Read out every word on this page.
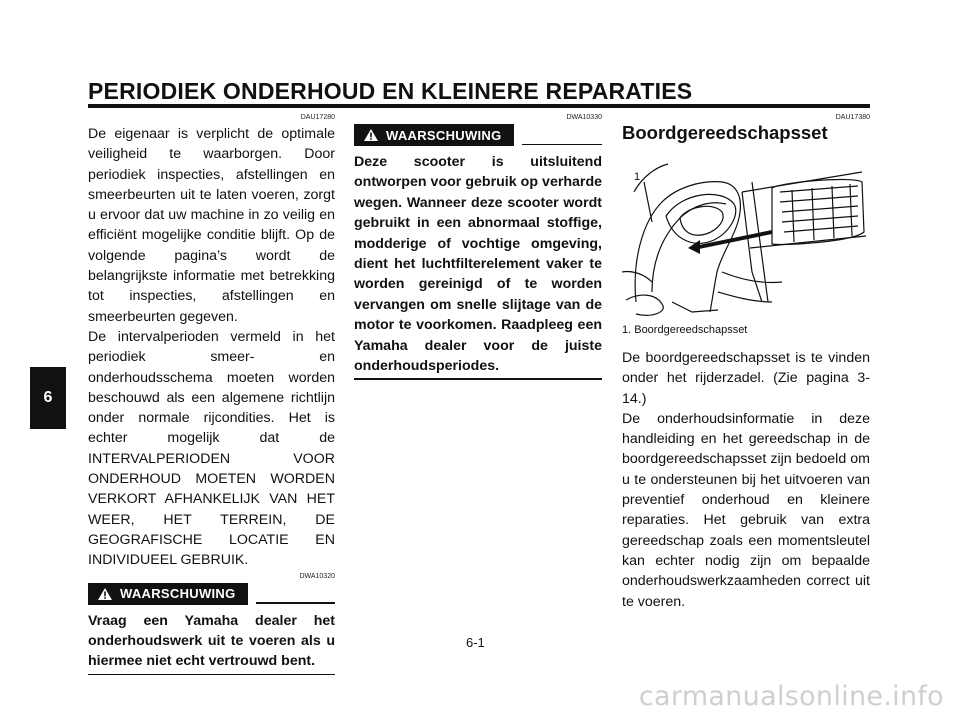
PERIODIEK ONDERHOUD EN KLEINERE REPARATIES
6
DAU17280

De eigenaar is verplicht de optimale veiligheid te waarborgen. Door periodiek inspecties, afstellingen en smeerbeurten uit te laten voeren, zorgt u ervoor dat uw machine in zo veilig en efficiënt mogelijke conditie blijft. Op de volgende pagina’s wordt de belangrijkste informatie met betrekking tot inspecties, afstellingen en smeerbeurten gegeven.

De intervalperioden vermeld in het periodiek smeer- en onderhoudsschema moeten worden beschouwd als een algemene richtlijn onder normale rijcondities. Het is echter mogelijk dat de INTERVALPERIODEN VOOR ONDERHOUD MOETEN WORDEN VERKORT AFHANKELIJK VAN HET WEER, HET TERREIN, DE GEOGRAFISCHE LOCATIE EN INDIVIDUEEL GEBRUIK.

DWA10320
WAARSCHUWING

Vraag een Yamaha dealer het onderhoudswerk uit te voeren als u hiermee niet echt vertrouwd bent.

DWA10330
WAARSCHUWING

Deze scooter is uitsluitend ontworpen voor gebruik op verharde wegen. Wanneer deze scooter wordt gebruikt in een abnormaal stoffige, modderige of vochtige omgeving, dient het luchtfilterelement vaker te worden gereinigd of te worden vervangen om snelle slijtage van de motor te voorkomen. Raadpleeg een Yamaha dealer voor de juiste onderhoudsperiodes.

DAU17380
Boordgereedschapsset
1
1. Boordgereedschapsset

De boordgereedschapsset is te vinden onder het rijderzadel. (Zie pagina 3-14.)

De onderhoudsinformatie in deze handleiding en het gereedschap in de boordgereedschapsset zijn bedoeld om u te ondersteunen bij het uitvoeren van preventief onderhoud en kleinere reparaties. Het gebruik van extra gereedschap zoals een momentsleutel kan echter nodig zijn om bepaalde onderhoudswerkzaamheden correct uit te voeren.

6-1
carmanualsonline.info
